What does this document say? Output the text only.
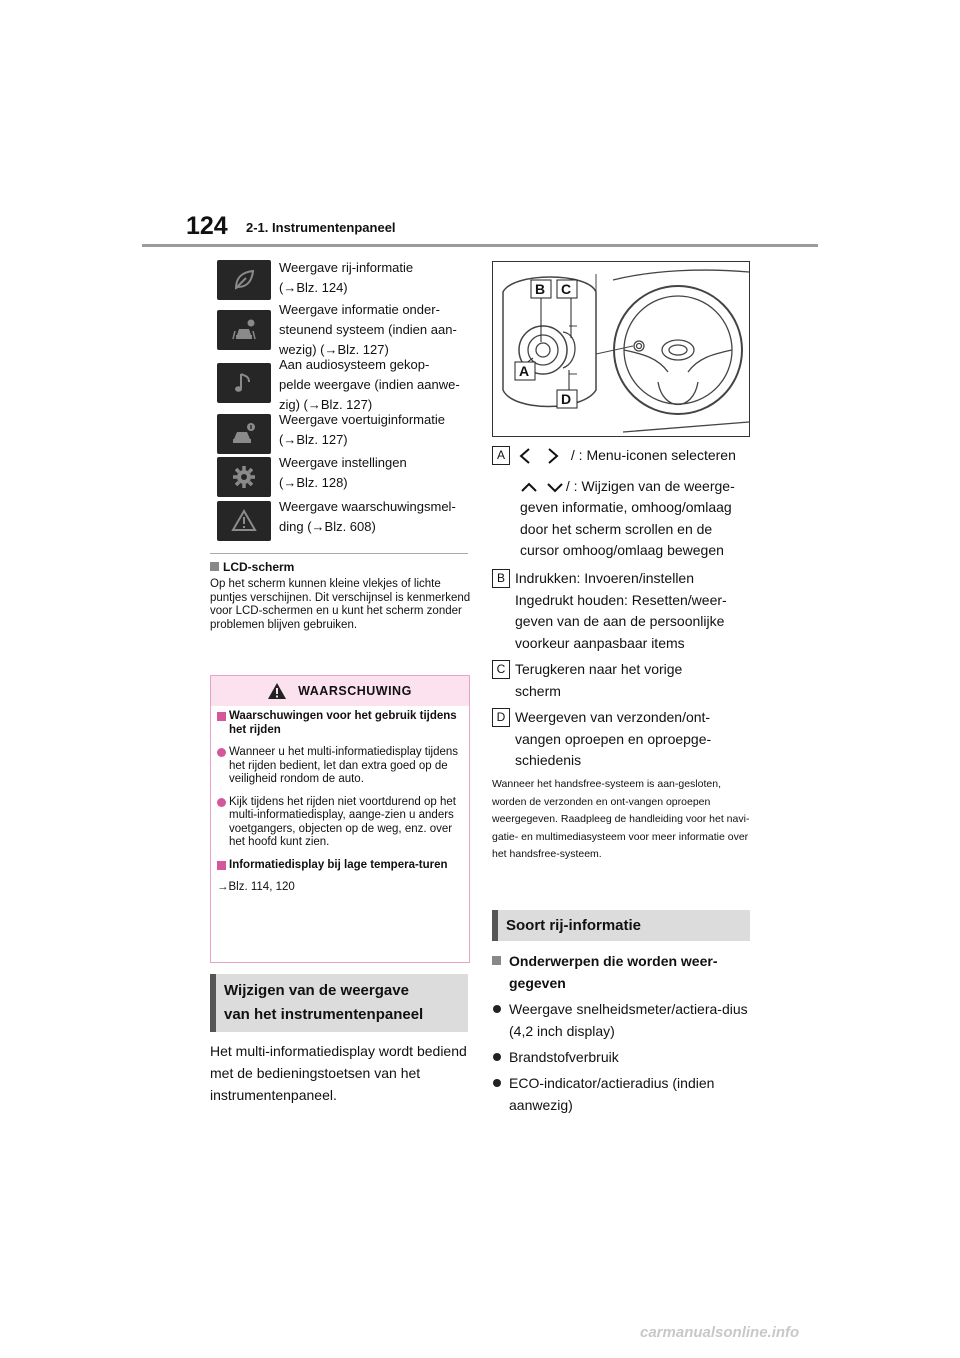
124 2-1. Instrumentenpaneel
Weergave rij-informatie
(→Blz. 124)
Weergave informatie onder-
steunend systeem (indien aan-
wezig) (→Blz. 127)
Aan audiosysteem gekop-
pelde weergave (indien aanwe-
zig) (→Blz. 127)
Weergave voertuiginformatie
(→Blz. 127)
Weergave instellingen
(→Blz. 128)
Weergave waarschuwingsmel-
ding (→Blz. 608)
LCD-scherm
Op het scherm kunnen kleine vlekjes of lichte puntjes verschijnen. Dit verschijnsel is kenmerkend voor LCD-schermen en u kunt het scherm zonder problemen blijven gebruiken.
WAARSCHUWING
Waarschuwingen voor het gebruik tijdens het rijden
Wanneer u het multi-informatiedisplay tijdens het rijden bedient, let dan extra goed op de veiligheid rondom de auto.
Kijk tijdens het rijden niet voortdurend op het multi-informatiedisplay, aange-zien u anders voetgangers, objecten op de weg, enz. over het hoofd kunt zien.
Informatiedisplay bij lage tempera-turen
→Blz. 114, 120
Wijzigen van de weergave
van het instrumentenpaneel
Het multi-informatiedisplay wordt bediend met de bedieningstoetsen van het instrumentenpaneel.
B C
A
D
A	/ : Menu-iconen selecteren
/ : Wijzigen van de weerge-
geven informatie, omhoog/omlaag
door het scherm scrollen en de
cursor omhoog/omlaag bewegen
B Indrukken: Invoeren/instellen
Ingedrukt houden: Resetten/weer-
geven van de aan de persoonlijke
voorkeur aanpasbaar items
C Terugkeren naar het vorige
scherm
D Weergeven van verzonden/ont-
vangen oproepen en oproepge-
schiedenis
Wanneer het handsfree-systeem is aan-gesloten, worden de verzonden en ont-vangen oproepen weergegeven. Raadpleeg de handleiding voor het navi-gatie- en multimediasysteem voor meer informatie over het handsfree-systeem.
Soort rij-informatie
Onderwerpen die worden weer-gegeven
Weergave snelheidsmeter/actiera-dius (4,2 inch display)
Brandstofverbruik
ECO-indicator/actieradius (indien aanwezig)
carmanualsonline.info
